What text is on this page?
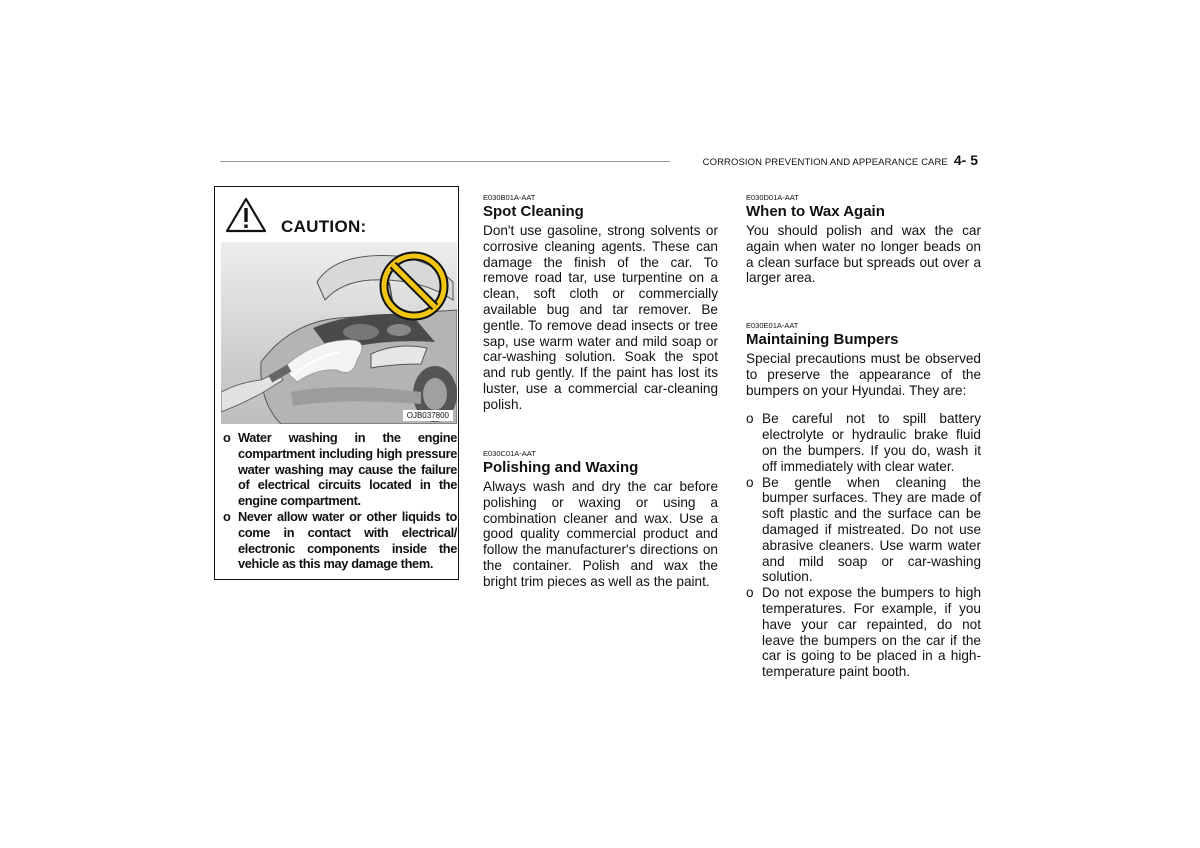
CORROSION PREVENTION AND APPEARANCE CARE 4- 5
CAUTION:
OJB037800
o Water washing in the engine compartment including high pressure water washing may cause the failure of electrical circuits located in the engine compartment.
o Never allow water or other liquids to come in contact with electrical/ electronic components inside the vehicle as this may damage them.

E030B01A-AAT

Spot Cleaning

Don't use gasoline, strong solvents or corrosive cleaning agents. These can damage the finish of the car. To remove road tar, use turpentine on a clean, soft cloth or commercially available bug and tar remover. Be gentle. To remove dead insects or tree sap, use warm water and mild soap or car-washing solution. Soak the spot and rub gently. If the paint has lost its luster, use a commercial car-cleaning polish.

E030C01A-AAT

Polishing and Waxing

Always wash and dry the car before polishing or waxing or using a combination cleaner and wax. Use a good quality commercial product and follow the manufacturer's directions on the container. Polish and wax the bright trim pieces as well as the paint.

E030D01A-AAT

When to Wax Again

You should polish and wax the car again when water no longer beads on a clean surface but spreads out over a larger area.

E030E01A-AAT

Maintaining Bumpers

Special precautions must be observed to preserve the appearance of the bumpers on your Hyundai. They are:

o Be careful not to spill battery electrolyte or hydraulic brake fluid on the bumpers. If you do, wash it off immediately with clear water.
o Be gentle when cleaning the bumper surfaces. They are made of soft plastic and the surface can be damaged if mistreated. Do not use abrasive cleaners. Use warm water and mild soap or car-washing solution.
o Do not expose the bumpers to high temperatures. For example, if you have your car repainted, do not leave the bumpers on the car if the car is going to be placed in a high-temperature paint booth.
